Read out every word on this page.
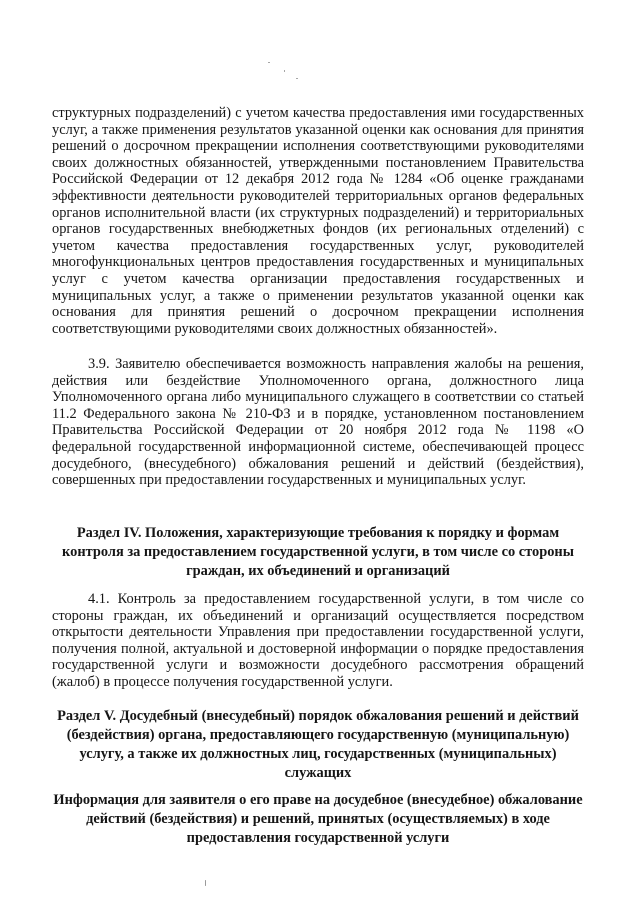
структурных подразделений) с учетом качества предоставления ими государственных услуг, а также применения результатов указанной оценки как основания для принятия решений о досрочном прекращении исполнения соответствующими руководителями своих должностных обязанностей, утвержденными постановлением Правительства Российской Федерации от 12 декабря 2012 года № 1284 «Об оценке гражданами эффективности деятельности руководителей территориальных органов федеральных органов исполнительной власти (их структурных подразделений) и территориальных органов государственных внебюджетных фондов (их региональных отделений) с учетом качества предоставления государственных услуг, руководителей многофункциональных центров предоставления государственных и муниципальных услуг с учетом качества организации предоставления государственных и муниципальных услуг, а также о применении результатов указанной оценки как основания для принятия решений о досрочном прекращении исполнения соответствующими руководителями своих должностных обязанностей».
3.9. Заявителю обеспечивается возможность направления жалобы на решения, действия или бездействие Уполномоченного органа, должностного лица Уполномоченного органа либо муниципального служащего в соответствии со статьей 11.2 Федерального закона № 210-ФЗ и в порядке, установленном постановлением Правительства Российской Федерации от 20 ноября 2012 года № 1198 «О федеральной государственной информационной системе, обеспечивающей процесс досудебного, (внесудебного) обжалования решений и действий (бездействия), совершенных при предоставлении государственных и муниципальных услуг.
Раздел IV. Положения, характеризующие требования к порядку и формам контроля за предоставлением государственной услуги, в том числе со стороны граждан, их объединений и организаций
4.1. Контроль за предоставлением государственной услуги, в том числе со стороны граждан, их объединений и организаций осуществляется посредством открытости деятельности Управления при предоставлении государственной услуги, получения полной, актуальной и достоверной информации о порядке предоставления государственной услуги и возможности досудебного рассмотрения обращений (жалоб) в процессе получения государственной услуги.
Раздел V. Досудебный (внесудебный) порядок обжалования решений и действий (бездействия) органа, предоставляющего государственную (муниципальную) услугу, а также их должностных лиц, государственных (муниципальных) служащих
Информация для заявителя о его праве на досудебное (внесудебное) обжалование действий (бездействия) и решений, принятых (осуществляемых) в ходе предоставления государственной услуги
